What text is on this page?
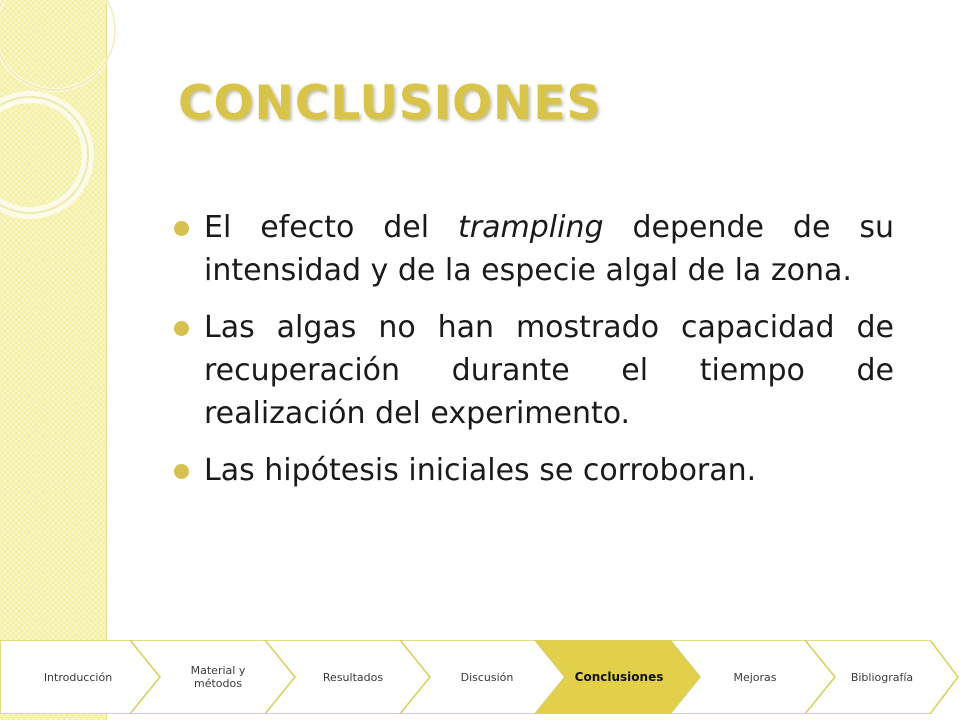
CONCLUSIONES
El efecto del trampling depende de su intensidad y de la especie algal de la zona.
Las algas no han mostrado capacidad de recuperación durante el tiempo de realización del experimento.
Las hipótesis iniciales se corroboran.
Introducción	Material y métodos	Resultados	Discusión	Conclusiones	Mejoras	Bibliografía
